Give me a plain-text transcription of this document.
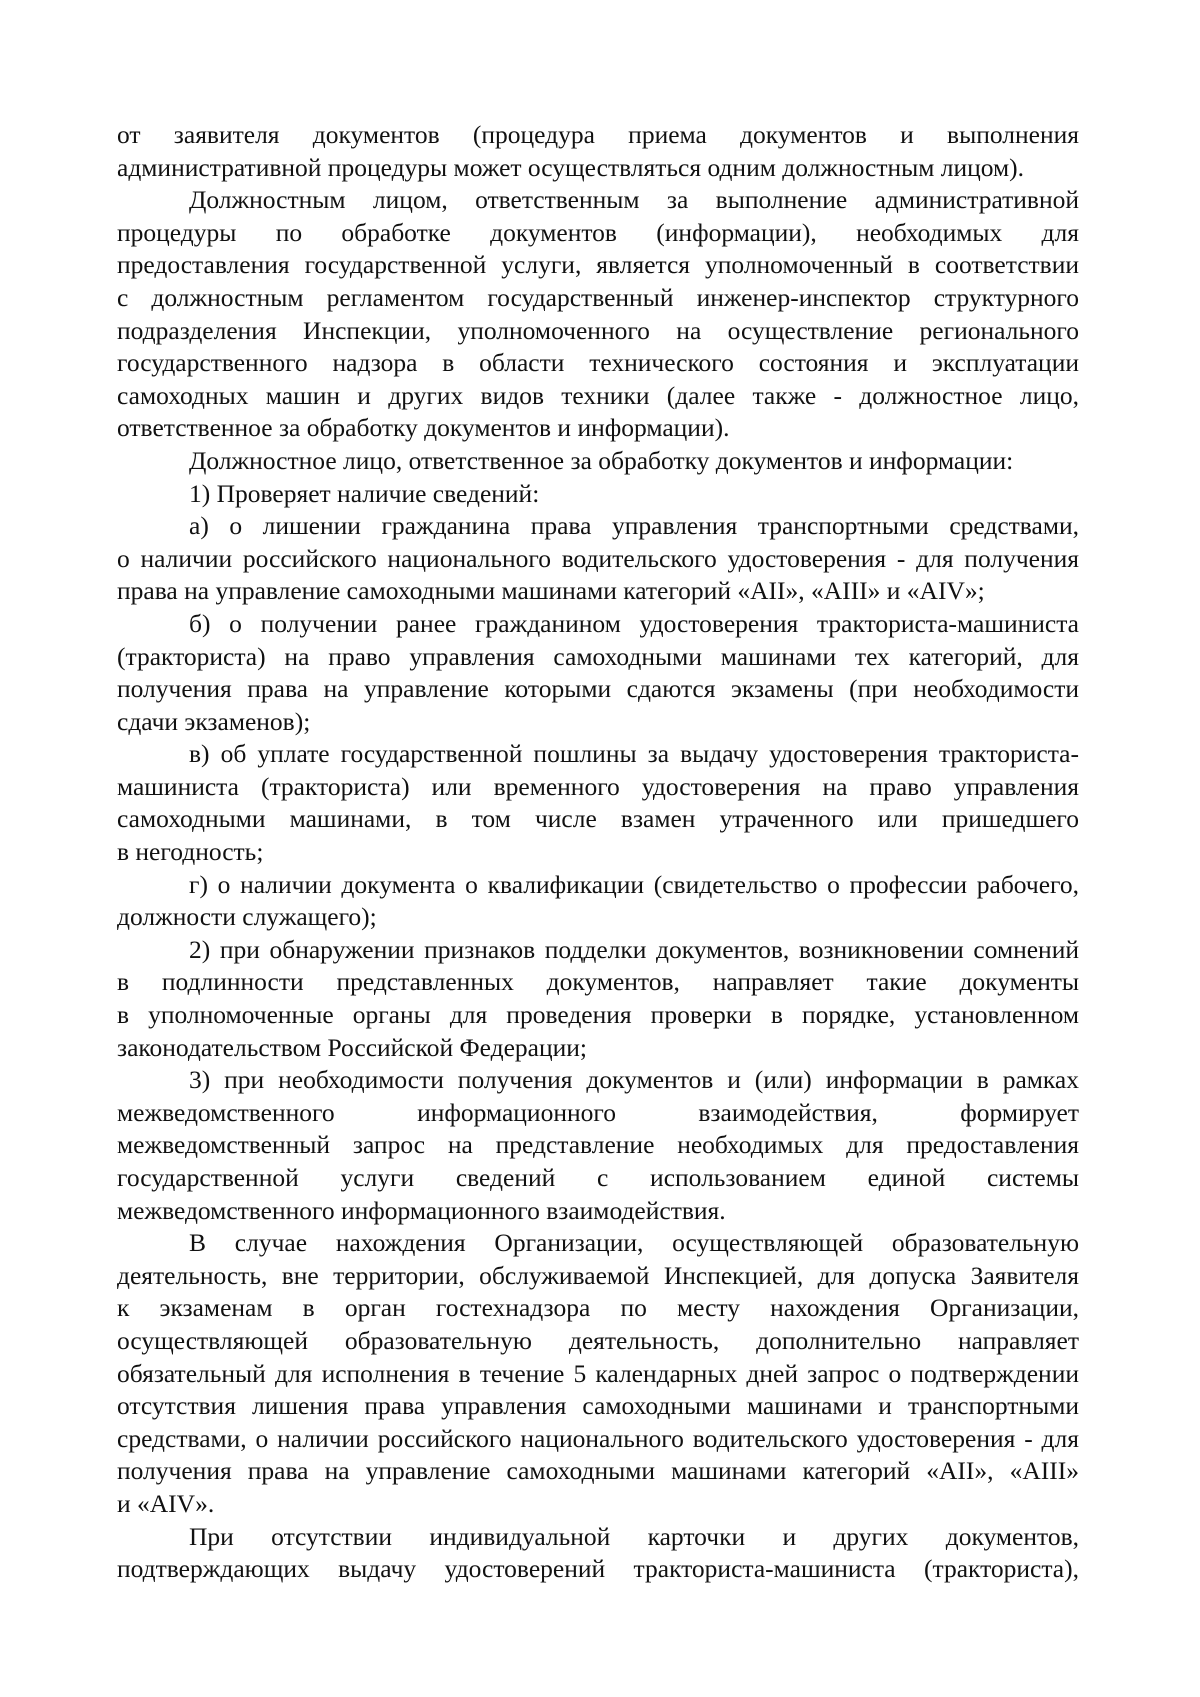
от заявителя документов (процедура приема документов и выполнения
административной процедуры может осуществляться одним должностным лицом).
Должностным лицом, ответственным за выполнение административной
процедуры по обработке документов (информации), необходимых для
предоставления государственной услуги, является уполномоченный в соответствии
с должностным регламентом государственный инженер-инспектор структурного
подразделения Инспекции, уполномоченного на осуществление регионального
государственного надзора в области технического состояния и эксплуатации
самоходных машин и других видов техники (далее также - должностное лицо,
ответственное за обработку документов и информации).
Должностное лицо, ответственное за обработку документов и информации:
1) Проверяет наличие сведений:
а) о лишении гражданина права управления транспортными средствами,
о наличии российского национального водительского удостоверения - для получения
права на управление самоходными машинами категорий «AII», «AIII» и «AIV»;
б) о получении ранее гражданином удостоверения тракториста-машиниста
(тракториста) на право управления самоходными машинами тех категорий, для
получения права на управление которыми сдаются экзамены (при необходимости
сдачи экзаменов);
в) об уплате государственной пошлины за выдачу удостоверения тракториста-
машиниста (тракториста) или временного удостоверения на право управления
самоходными машинами, в том числе взамен утраченного или пришедшего
в негодность;
г) о наличии документа о квалификации (свидетельство о профессии рабочего,
должности служащего);
2) при обнаружении признаков подделки документов, возникновении сомнений
в подлинности представленных документов, направляет такие документы
в уполномоченные органы для проведения проверки в порядке, установленном
законодательством Российской Федерации;
3) при необходимости получения документов и (или) информации в рамках
межведомственного информационного взаимодействия, формирует
межведомственный запрос на представление необходимых для предоставления
государственной услуги сведений с использованием единой системы
межведомственного информационного взаимодействия.
В случае нахождения Организации, осуществляющей образовательную
деятельность, вне территории, обслуживаемой Инспекцией, для допуска Заявителя
к экзаменам в орган гостехнадзора по месту нахождения Организации,
осуществляющей образовательную деятельность, дополнительно направляет
обязательный для исполнения в течение 5 календарных дней запрос о подтверждении
отсутствия лишения права управления самоходными машинами и транспортными
средствами, о наличии российского национального водительского удостоверения - для
получения права на управление самоходными машинами категорий «AII», «AIII»
и «AIV».
При отсутствии индивидуальной карточки и других документов,
подтверждающих выдачу удостоверений тракториста-машиниста (тракториста),
